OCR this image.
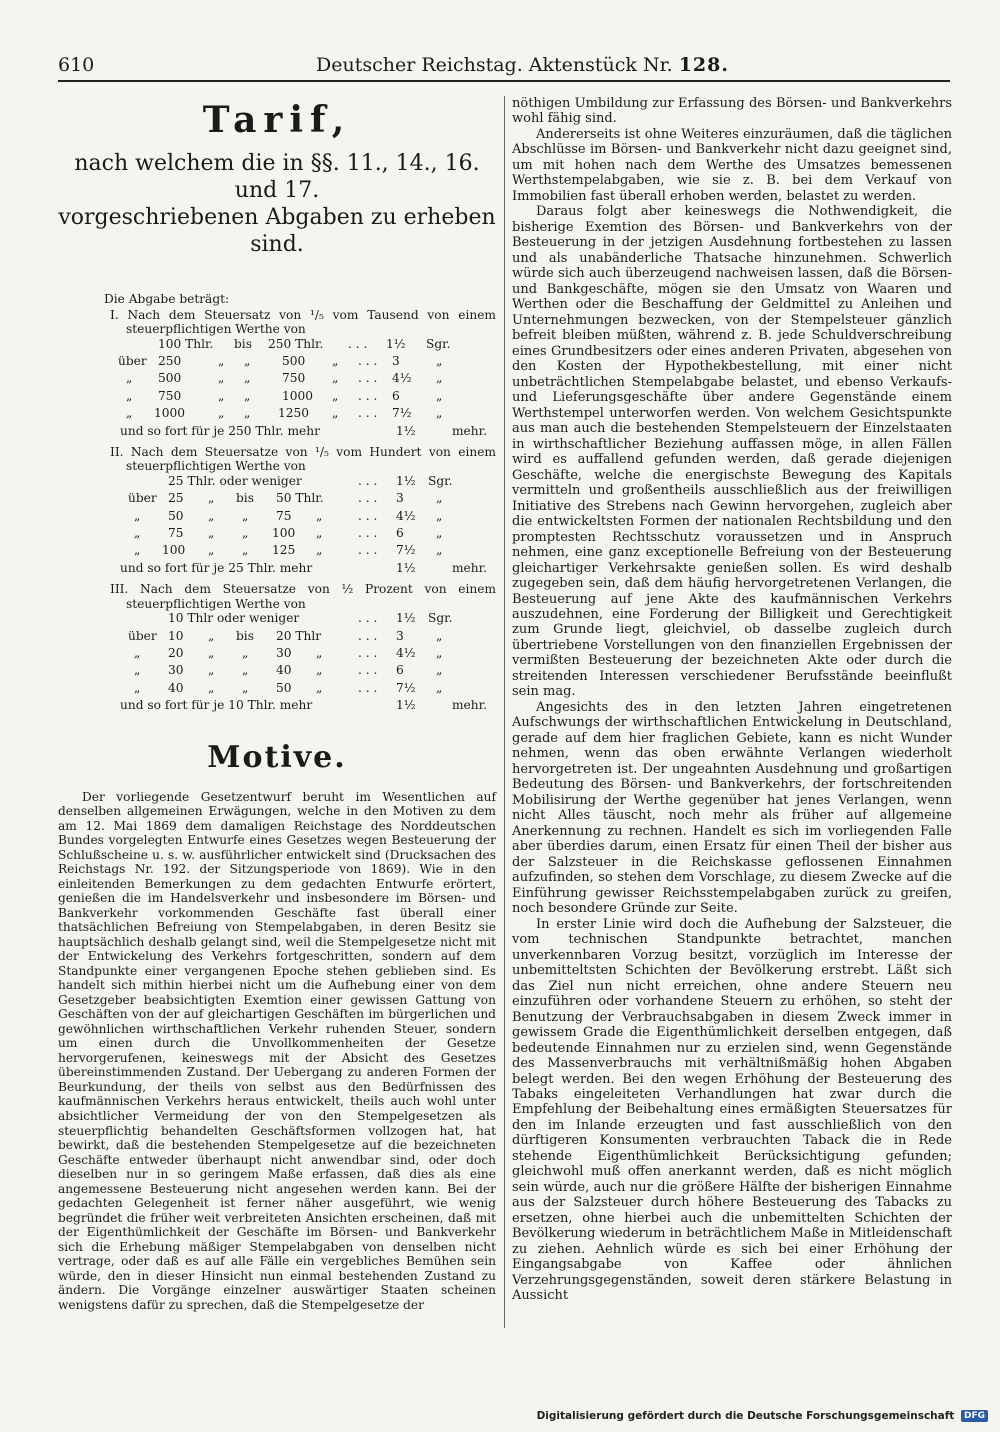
610	Deutscher Reichstag. Aktenstück Nr. 128.
Tarif,
nach welchem die in §§. 11., 14., 16. und 17.
vorgeschriebenen Abgaben zu erheben sind.
Die Abgabe beträgt:
I. Nach dem Steuersatz von ¹/₅ vom Tausend von einem steuerpflichtigen Werthe von
100 Thlr. bis 250 Thlr. . . . 1½ Sgr.
über 250	„ „	500 „ . . . 3	„
„ 500	„ „	750 „ . . . 4½ „
„ 750	„ „	1000 „ . . . 6	„
„ 1000	„ „ 1250 „ . . . 7½ „
und so fort für je 250 Thlr. mehr	1½	mehr.
II. Nach dem Steuersatze von ¹/₅ vom Hundert von einem steuerpflichtigen Werthe von
25 Thlr. oder weniger	. . . 1½ Sgr.
über 25 „ bis 50 Thlr.	. . . 3	„
„ 50 „ „ 75 „	. . . 4½ „
„ 75 „ „ 100 „	. . . 6	„
„ 100 „ „ 125 „	. . . 7½ „
und so fort für je 25 Thlr. mehr	1½	mehr.
III. Nach dem Steuersatze von ½ Prozent von einem steuerpflichtigen Werthe von
10 Thlr oder weniger	. . . 1½ Sgr.
über 10 „ bis 20 Thlr	. . . 3	„
„ 20 „ „ 30 „	. . . 4½ „
„ 30 „ „ 40 „	. . . 6	„
„ 40 „ „ 50 „	. . . 7½ „
und so fort für je 10 Thlr. mehr	1½	mehr.
Motive.

Der vorliegende Gesetzentwurf beruht im Wesentlichen auf denselben allgemeinen Erwägungen, welche in den Motiven zu dem am 12. Mai 1869 dem damaligen Reichstage des Norddeutschen Bundes vorgelegten Entwurfe eines Gesetzes wegen Besteuerung der Schlußscheine u. s. w. ausführlicher entwickelt sind (Drucksachen des Reichstags Nr. 192. der Sitzungsperiode von 1869). Wie in den einleitenden Bemerkungen zu dem gedachten Entwurfe erörtert, genießen die im Handelsverkehr und insbesondere im Börsen- und Bankverkehr vorkommenden Geschäfte fast überall einer thatsächlichen Befreiung von Stempelabgaben, in deren Besitz sie hauptsächlich deshalb gelangt sind, weil die Stempelgesetze nicht mit der Entwickelung des Verkehrs fortgeschritten, sondern auf dem Standpunkte einer vergangenen Epoche stehen geblieben sind. Es handelt sich mithin hierbei nicht um die Aufhebung einer von dem Gesetzgeber beabsichtigten Exemtion einer gewissen Gattung von Geschäften von der auf gleichartigen Geschäften im bürgerlichen und gewöhnlichen wirthschaftlichen Verkehr ruhenden Steuer, sondern um einen durch die Unvollkommenheiten der Gesetze hervorgerufenen, keineswegs mit der Absicht des Gesetzes übereinstimmenden Zustand. Der Uebergang zu anderen Formen der Beurkundung, der theils von selbst aus den Bedürfnissen des kaufmännischen Verkehrs heraus entwickelt, theils auch wohl unter absichtlicher Vermeidung der von den Stempelgesetzen als steuerpflichtig behandelten Geschäftsformen vollzogen hat, hat bewirkt, daß die bestehenden Stempelgesetze auf die bezeichneten Geschäfte entweder überhaupt nicht anwendbar sind, oder doch dieselben nur in so geringem Maße erfassen, daß dies als eine angemessene Besteuerung nicht angesehen werden kann. Bei der gedachten Gelegenheit ist ferner näher ausgeführt, wie wenig begründet die früher weit verbreiteten Ansichten erscheinen, daß mit der Eigenthümlichkeit der Geschäfte im Börsen- und Bankverkehr sich die Erhebung mäßiger Stempelabgaben von denselben nicht vertrage, oder daß es auf alle Fälle ein vergebliches Bemühen sein würde, den in dieser Hinsicht nun einmal bestehenden Zustand zu ändern. Die Vorgänge einzelner auswärtiger Staaten scheinen wenigstens dafür zu sprechen, daß die Stempelgesetze der

nöthigen Umbildung zur Erfassung des Börsen- und Bankverkehrs wohl fähig sind.

Andererseits ist ohne Weiteres einzuräumen, daß die täglichen Abschlüsse im Börsen- und Bankverkehr nicht dazu geeignet sind, um mit hohen nach dem Werthe des Umsatzes bemessenen Werthstempelabgaben, wie sie z. B. bei dem Verkauf von Immobilien fast überall erhoben werden, belastet zu werden.

Daraus folgt aber keineswegs die Nothwendigkeit, die bisherige Exemtion des Börsen- und Bankverkehrs von der Besteuerung in der jetzigen Ausdehnung fortbestehen zu lassen und als unabänderliche Thatsache hinzunehmen. Schwerlich würde sich auch überzeugend nachweisen lassen, daß die Börsen- und Bankgeschäfte, mögen sie den Umsatz von Waaren und Werthen oder die Beschaffung der Geldmittel zu Anleihen und Unternehmungen bezwecken, von der Stempelsteuer gänzlich befreit bleiben müßten, während z. B. jede Schuldverschreibung eines Grundbesitzers oder eines anderen Privaten, abgesehen von den Kosten der Hypothekbestellung, mit einer nicht unbeträchtlichen Stempelabgabe belastet, und ebenso Verkaufs- und Lieferungsgeschäfte über andere Gegenstände einem Werthstempel unterworfen werden. Von welchem Gesichtspunkte aus man auch die bestehenden Stempelsteuern der Einzelstaaten in wirthschaftlicher Beziehung auffassen möge, in allen Fällen wird es auffallend gefunden werden, daß gerade diejenigen Geschäfte, welche die energischste Bewegung des Kapitals vermitteln und großentheils ausschließlich aus der freiwilligen Initiative des Strebens nach Gewinn hervorgehen, zugleich aber die entwickeltsten Formen der nationalen Rechtsbildung und den promptesten Rechtsschutz voraussetzen und in Anspruch nehmen, eine ganz exceptionelle Befreiung von der Besteuerung gleichartiger Verkehrsakte genießen sollen. Es wird deshalb zugegeben sein, daß dem häufig hervorgetretenen Verlangen, die Besteuerung auf jene Akte des kaufmännischen Verkehrs auszudehnen, eine Forderung der Billigkeit und Gerechtigkeit zum Grunde liegt, gleichviel, ob dasselbe zugleich durch übertriebene Vorstellungen von den finanziellen Ergebnissen der vermißten Besteuerung der bezeichneten Akte oder durch die streitenden Interessen verschiedener Berufsstände beeinflußt sein mag.

Angesichts des in den letzten Jahren eingetretenen Aufschwungs der wirthschaftlichen Entwickelung in Deutschland, gerade auf dem hier fraglichen Gebiete, kann es nicht Wunder nehmen, wenn das oben erwähnte Verlangen wiederholt hervorgetreten ist. Der ungeahnten Ausdehnung und großartigen Bedeutung des Börsen- und Bankverkehrs, der fortschreitenden Mobilisirung der Werthe gegenüber hat jenes Verlangen, wenn nicht Alles täuscht, noch mehr als früher auf allgemeine Anerkennung zu rechnen. Handelt es sich im vorliegenden Falle aber überdies darum, einen Ersatz für einen Theil der bisher aus der Salzsteuer in die Reichskasse geflossenen Einnahmen aufzufinden, so stehen dem Vorschlage, zu diesem Zwecke auf die Einführung gewisser Reichsstempelabgaben zurück zu greifen, noch besondere Gründe zur Seite.

In erster Linie wird doch die Aufhebung der Salzsteuer, die vom technischen Standpunkte betrachtet, manchen unverkennbaren Vorzug besitzt, vorzüglich im Interesse der unbemitteltsten Schichten der Bevölkerung erstrebt. Läßt sich das Ziel nun nicht erreichen, ohne andere Steuern neu einzuführen oder vorhandene Steuern zu erhöhen, so steht der Benutzung der Verbrauchsabgaben in diesem Zweck immer in gewissem Grade die Eigenthümlichkeit derselben entgegen, daß bedeutende Einnahmen nur zu erzielen sind, wenn Gegenstände des Massenverbrauchs mit verhältnißmäßig hohen Abgaben belegt werden. Bei den wegen Erhöhung der Besteuerung des Tabaks eingeleiteten Verhandlungen hat zwar durch die Empfehlung der Beibehaltung eines ermäßigten Steuersatzes für den im Inlande erzeugten und fast ausschließlich von den dürftigeren Konsumenten verbrauchten Taback die in Rede stehende Eigenthümlichkeit Berücksichtigung gefunden; gleichwohl muß offen anerkannt werden, daß es nicht möglich sein würde, auch nur die größere Hälfte der bisherigen Einnahme aus der Salzsteuer durch höhere Besteuerung des Tabacks zu ersetzen, ohne hierbei auch die unbemittelten Schichten der Bevölkerung wiederum in beträchtlichem Maße in Mitleidenschaft zu ziehen. Aehnlich würde es sich bei einer Erhöhung der Eingangsabgabe von Kaffee oder ähnlichen Verzehrungsgegenständen, soweit deren stärkere Belastung in Aussicht

Digitalisierung gefördert durch die Deutsche Forschungsgemeinschaft DFG
